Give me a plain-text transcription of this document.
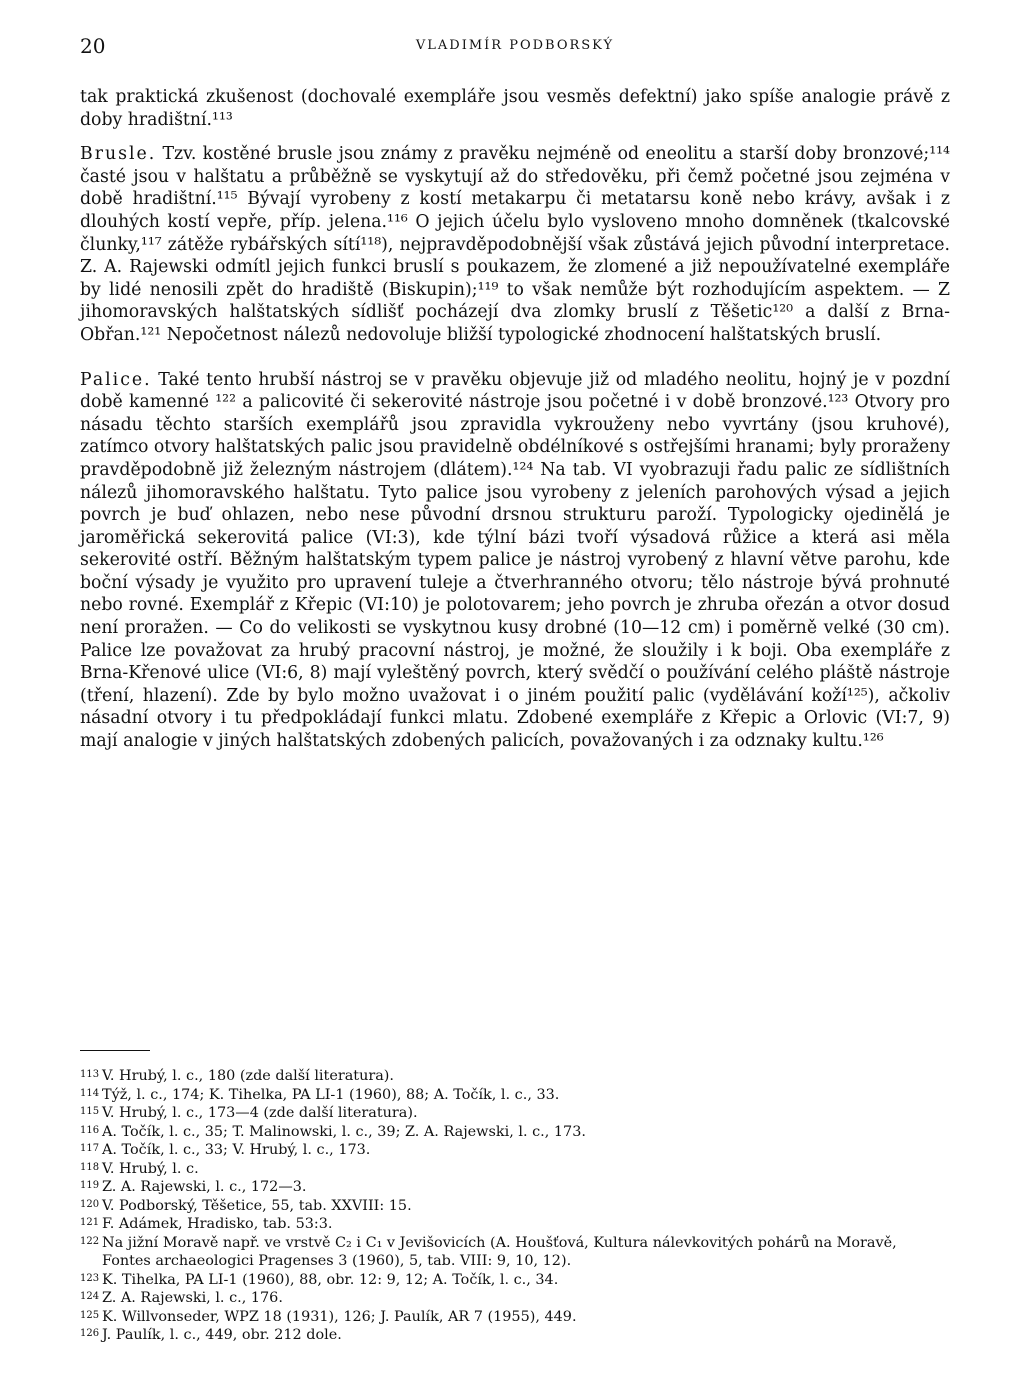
20	VLADIMÍR PODBORSKÝ

tak praktická zkušenost (dochovalé exempláře jsou vesměs defektní) jako spíše analogie právě z doby hradištní.¹¹³

Brusle. Tzv. kostěné brusle jsou známy z pravěku nejméně od eneolitu a starší doby bronzové;¹¹⁴ časté jsou v halštatu a průběžně se vyskytují až do středověku, při čemž početné jsou zejména v době hradištní.¹¹⁵ Bývají vyrobeny z kostí metakarpu či metatarsu koně nebo krávy, avšak i z dlouhých kostí vepře, příp. jelena.¹¹⁶ O jejich účelu bylo vysloveno mnoho domněnek (tkalcovské člunky,¹¹⁷ zátěže rybářských sítí¹¹⁸), nejpravděpodobnější však zůstává jejich původní interpretace. Z. A. Rajewski odmítl jejich funkci bruslí s poukazem, že zlomené a již nepoužívatelné exempláře by lidé nenosili zpět do hradiště (Biskupin);¹¹⁹ to však nemůže být rozhodujícím aspektem. — Z jihomoravských halštatských sídlišť pocházejí dva zlomky bruslí z Těšetic¹²⁰ a další z Brna-Obřan.¹²¹ Nepočetnost nálezů nedovoluje bližší typologické zhodnocení halštatských bruslí.

Palice. Také tento hrubší nástroj se v pravěku objevuje již od mladého neolitu, hojný je v pozdní době kamenné ¹²² a palicovité či sekerovité nástroje jsou početné i v době bronzové.¹²³ Otvory pro násadu těchto starších exemplářů jsou zpravidla vykrouženy nebo vyvrtány (jsou kruhové), zatímco otvory halštatských palic jsou pravidelně obdélníkové s ostřejšími hranami; byly proraženy pravděpodobně již železným nástrojem (dlátem).¹²⁴ Na tab. VI vyobrazuji řadu palic ze sídlištních nálezů jihomoravského halštatu. Tyto palice jsou vyrobeny z jeleních parohových výsad a jejich povrch je buď ohlazen, nebo nese původní drsnou strukturu paroží. Typologicky ojedinělá je jaroměřická sekerovitá palice (VI:3), kde týlní bázi tvoří výsadová růžice a která asi měla sekerovité ostří. Běžným halštatským typem palice je nástroj vyrobený z hlavní větve parohu, kde boční výsady je využito pro upravení tuleje a čtverhranného otvoru; tělo nástroje bývá prohnuté nebo rovné. Exemplář z Křepic (VI:10) je polotovarem; jeho povrch je zhruba ořezán a otvor dosud není proražen. — Co do velikosti se vyskytnou kusy drobné (10—12 cm) i poměrně velké (30 cm). Palice lze považovat za hrubý pracovní nástroj, je možné, že sloužily i k boji. Oba exempláře z Brna-Křenové ulice (VI:6, 8) mají vyleštěný povrch, který svědčí o používání celého pláště nástroje (tření, hlazení). Zde by bylo možno uvažovat i o jiném použití palic (vydělávání koží¹²⁵), ačkoliv násadní otvory i tu předpokládají funkci mlatu. Zdobené exempláře z Křepic a Orlovic (VI:7, 9) mají analogie v jiných halštatských zdobených palicích, považovaných i za odznaky kultu.¹²⁶

113 V. Hrubý, l. c., 180 (zde další literatura).
114 Týž, l. c., 174; K. Tihelka, PA LI-1 (1960), 88; A. Točík, l. c., 33.
115 V. Hrubý, l. c., 173—4 (zde další literatura).
116 A. Točík, l. c., 35; T. Malinowski, l. c., 39; Z. A. Rajewski, l. c., 173.
117 A. Točík, l. c., 33; V. Hrubý, l. c., 173.
118 V. Hrubý, l. c.
119 Z. A. Rajewski, l. c., 172—3.
120 V. Podborský, Těšetice, 55, tab. XXVIII: 15.
121 F. Adámek, Hradisko, tab. 53:3.
122 Na jižní Moravě např. ve vrstvě C₂ i C₁ v Jevišovicích (A. Houšťová, Kultura nálevkovitých pohárů na Moravě, Fontes archaeologici Pragenses 3 (1960), 5, tab. VIII: 9, 10, 12).
123 K. Tihelka, PA LI-1 (1960), 88, obr. 12: 9, 12; A. Točík, l. c., 34.
124 Z. A. Rajewski, l. c., 176.
125 K. Willvonseder, WPZ 18 (1931), 126; J. Paulík, AR 7 (1955), 449.
126 J. Paulík, l. c., 449, obr. 212 dole.
